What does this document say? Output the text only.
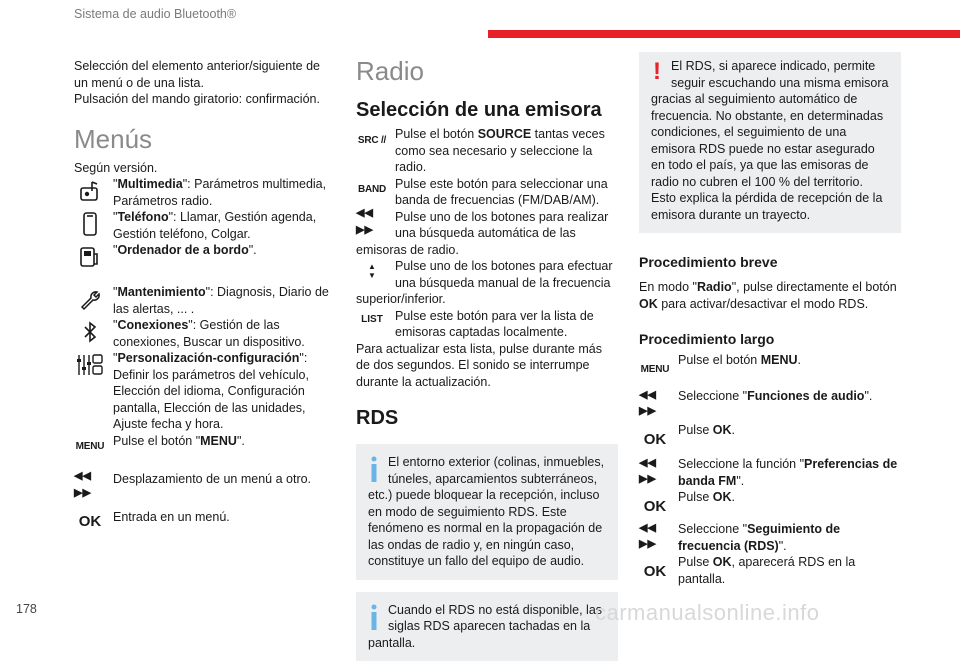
Sistema de audio Bluetooth®

Selección del elemento anterior/siguiente de un menú o de una lista.

Pulsación del mando giratorio: confirmación.

Menús

Según versión.

"Multimedia": Parámetros multimedia, Parámetros radio.
"Teléfono": Llamar, Gestión agenda, Gestión teléfono, Colgar.
"Ordenador de a bordo".
"Mantenimiento": Diagnosis, Diario de las alertas, ... .
"Conexiones": Gestión de las conexiones, Buscar un dispositivo.
"Personalización-configuración": Definir los parámetros del vehículo, Elección del idioma, Configuración pantalla, Elección de las unidades, Ajuste fecha y hora.
MENU Pulse el botón "MENU".
◀◀ ▶▶
Desplazamiento de un menú a otro.
OK Entrada en un menú.

Radio

Selección de una emisora

SRC // Pulse el botón SOURCE tantas veces como sea necesario y seleccione la radio.
BAND Pulse este botón para seleccionar una banda de frecuencias (FM/DAB/AM).
◀◀ ▶▶
Pulse uno de los botones para realizar una búsqueda automática de las emisoras de radio.
▲
▼
Pulse uno de los botones para efectuar una búsqueda manual de la frecuencia superior/inferior.
LIST Pulse este botón para ver la lista de emisoras captadas localmente.

Para actualizar esta lista, pulse durante más de dos segundos. El sonido se interrumpe durante la actualización.

RDS

El entorno exterior (colinas, inmuebles, túneles, aparcamientos subterráneos, etc.) puede bloquear la recepción, incluso en modo de seguimiento RDS. Este fenómeno es normal en la propagación de las ondas de radio y, en ningún caso, constituye un fallo del equipo de audio.
Cuando el RDS no está disponible, las siglas RDS aparecen tachadas en la pantalla.
! El RDS, si aparece indicado, permite seguir escuchando una misma emisora gracias al seguimiento automático de frecuencia. No obstante, en determinadas condiciones, el seguimiento de una emisora RDS puede no estar asegurado en todo el país, ya que las emisoras de radio no cubren el 100 % del territorio. Esto explica la pérdida de recepción de la emisora durante un trayecto.

Procedimiento breve

En modo "Radio", pulse directamente el botón OK para activar/desactivar el modo RDS.

Procedimiento largo

MENU
Pulse el botón MENU.
◀◀ ▶▶
Seleccione "Funciones de audio".
OK
Pulse OK.
◀◀ ▶▶
Seleccione la función "Preferencias de banda FM".
OK
Pulse OK.
◀◀ ▶▶
Seleccione "Seguimiento de frecuencia (RDS)".
OK
Pulse OK, aparecerá RDS en la pantalla.
178	carmanualsonline.info
